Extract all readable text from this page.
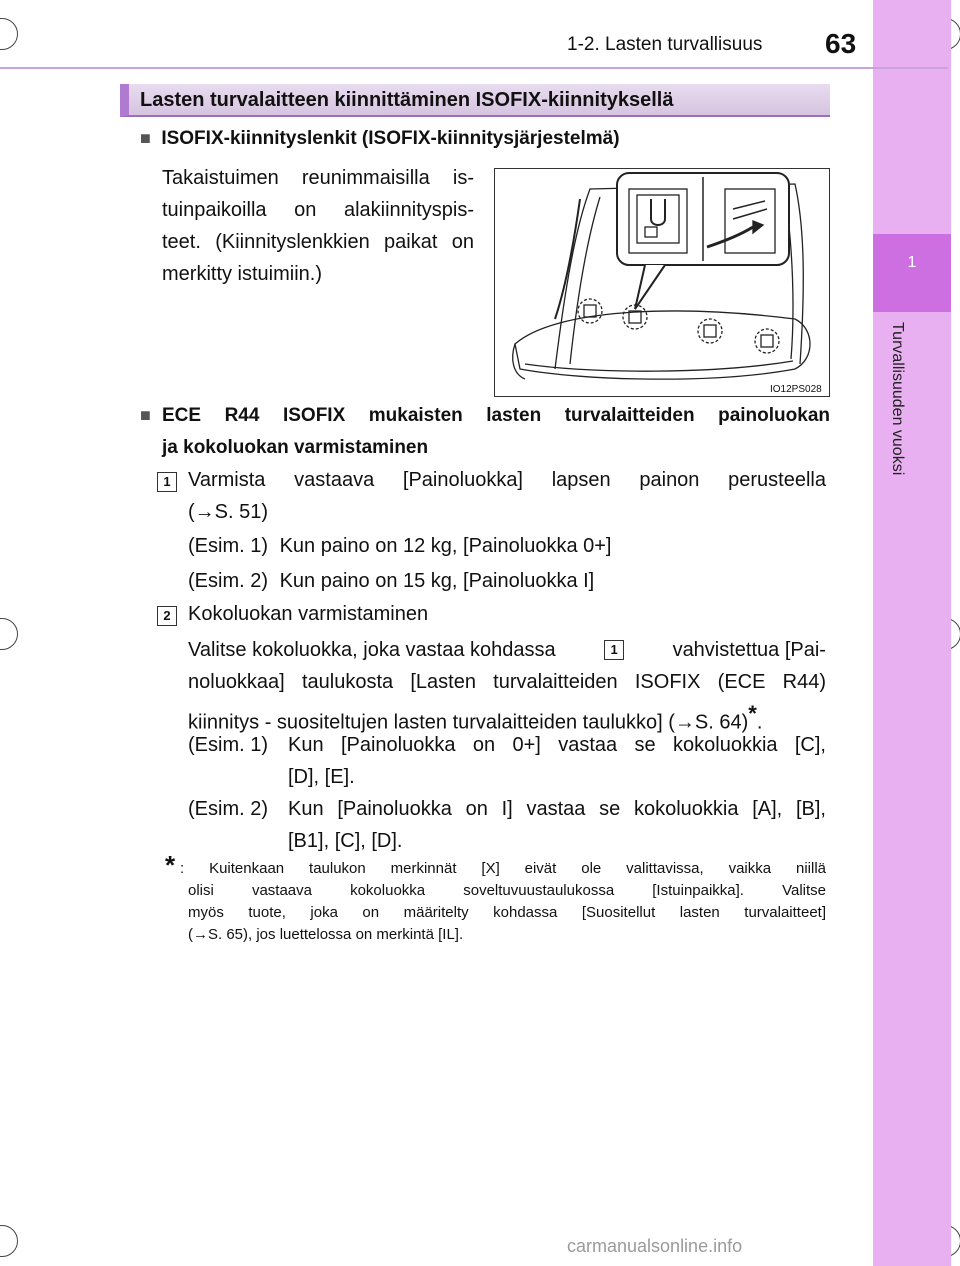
1
Turvallisuuden vuoksi
1-2. Lasten turvallisuus 63
Lasten turvalaitteen kiinnittäminen ISOFIX-kiinnityksellä
■ ISOFIX-kiinnityslenkit (ISOFIX-kiinnitysjärjestelmä)
Takaistuimen reunimmaisilla is-
tuinpaikoilla on alakiinnityspis-
teet. (Kiinnityslenkkien paikat on
merkitty istuimiin.)
IO12PS028
■ ECE R44 ISOFIX mukaisten lasten turvalaitteiden painoluokan
ja kokoluokan varmistaminen
1 Varmista vastaava [Painoluokka] lapsen painon perusteella
(→S. 51)
(Esim. 1) Kun paino on 12 kg, [Painoluokka 0+]
(Esim. 2) Kun paino on 15 kg, [Painoluokka I]
2 Kokoluokan varmistaminen
Valitse kokoluokka, joka vastaa kohdassa	1	vahvistettua [Pai-
noluokkaa] taulukosta [Lasten turvalaitteiden ISOFIX (ECE R44)
kiinnitys - suositeltujen lasten turvalaitteiden taulukko] (→S. 64)*.
(Esim. 1)	Kun [Painoluokka on 0+] vastaa se kokoluokkia [C],
[D], [E].
(Esim. 2)	Kun [Painoluokka on I] vastaa se kokoluokkia [A], [B],
[B1], [C], [D].
* : Kuitenkaan taulukon merkinnät [X] eivät ole valittavissa, vaikka niillä
olisi vastaava kokoluokka soveltuvuustaulukossa [Istuinpaikka]. Valitse
myös tuote, joka on määritelty kohdassa [Suositellut lasten turvalaitteet]
(→S. 65), jos luettelossa on merkintä [IL].
carmanualsonline.info
